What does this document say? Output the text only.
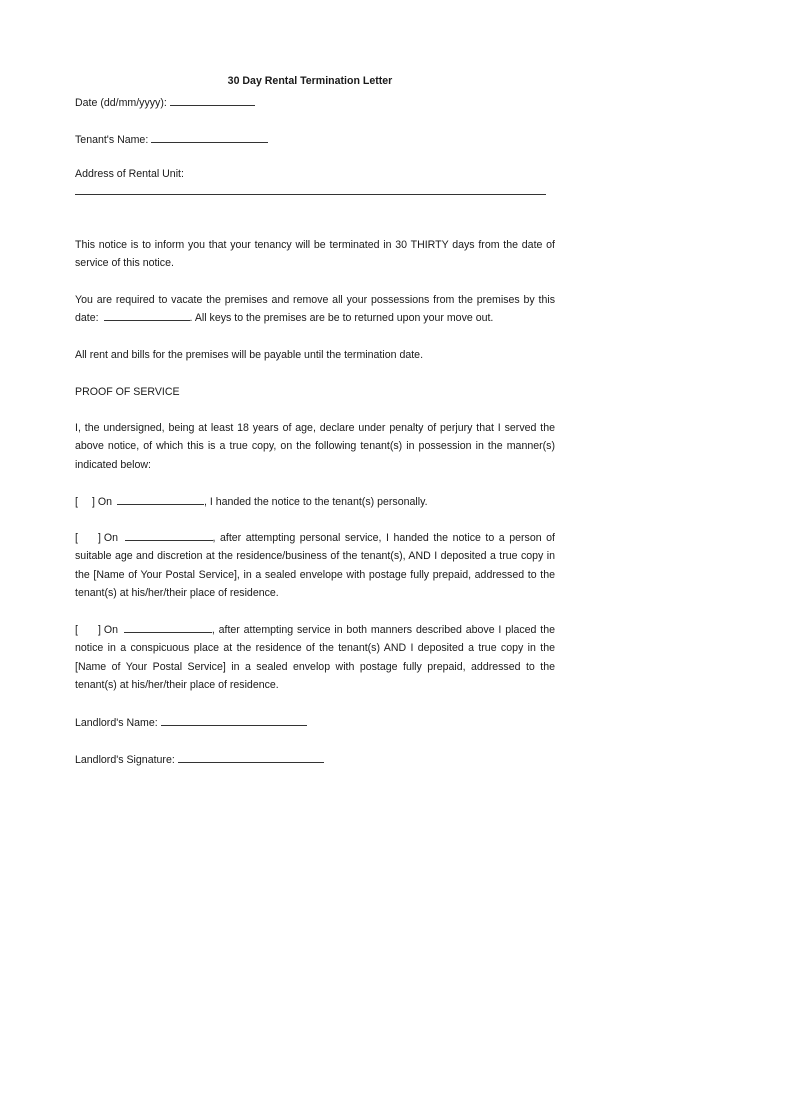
30 Day Rental Termination Letter
Date (dd/mm/yyyy):
Tenant's Name:
Address of Rental Unit:
This notice is to inform you that your tenancy will be terminated in 30 THIRTY days from the date of service of this notice.
You are required to vacate the premises and remove all your possessions from the premises by this date:	. All keys to the premises are be to returned upon your move out.
All rent and bills for the premises will be payable until the termination date.
PROOF OF SERVICE
I, the undersigned, being at least 18 years of age, declare under penalty of perjury that I served the above notice, of which this is a true copy, on the following tenant(s) in possession in the manner(s) indicated below:
[ ] On	, I handed the notice to the tenant(s) personally.
[ ] On	, after attempting personal service, I handed the notice to a person of suitable age and discretion at the residence/business of the tenant(s), AND I deposited a true copy in the [Name of Your Postal Service], in a sealed envelope with postage fully prepaid, addressed to the tenant(s) at his/her/their place of residence.
[ ] On	, after attempting service in both manners described above I placed the notice in a conspicuous place at the residence of the tenant(s) AND I deposited a true copy in the [Name of Your Postal Service] in a sealed envelop with postage fully prepaid, addressed to the tenant(s) at his/her/their place of residence.
Landlord's Name:
Landlord's Signature:
